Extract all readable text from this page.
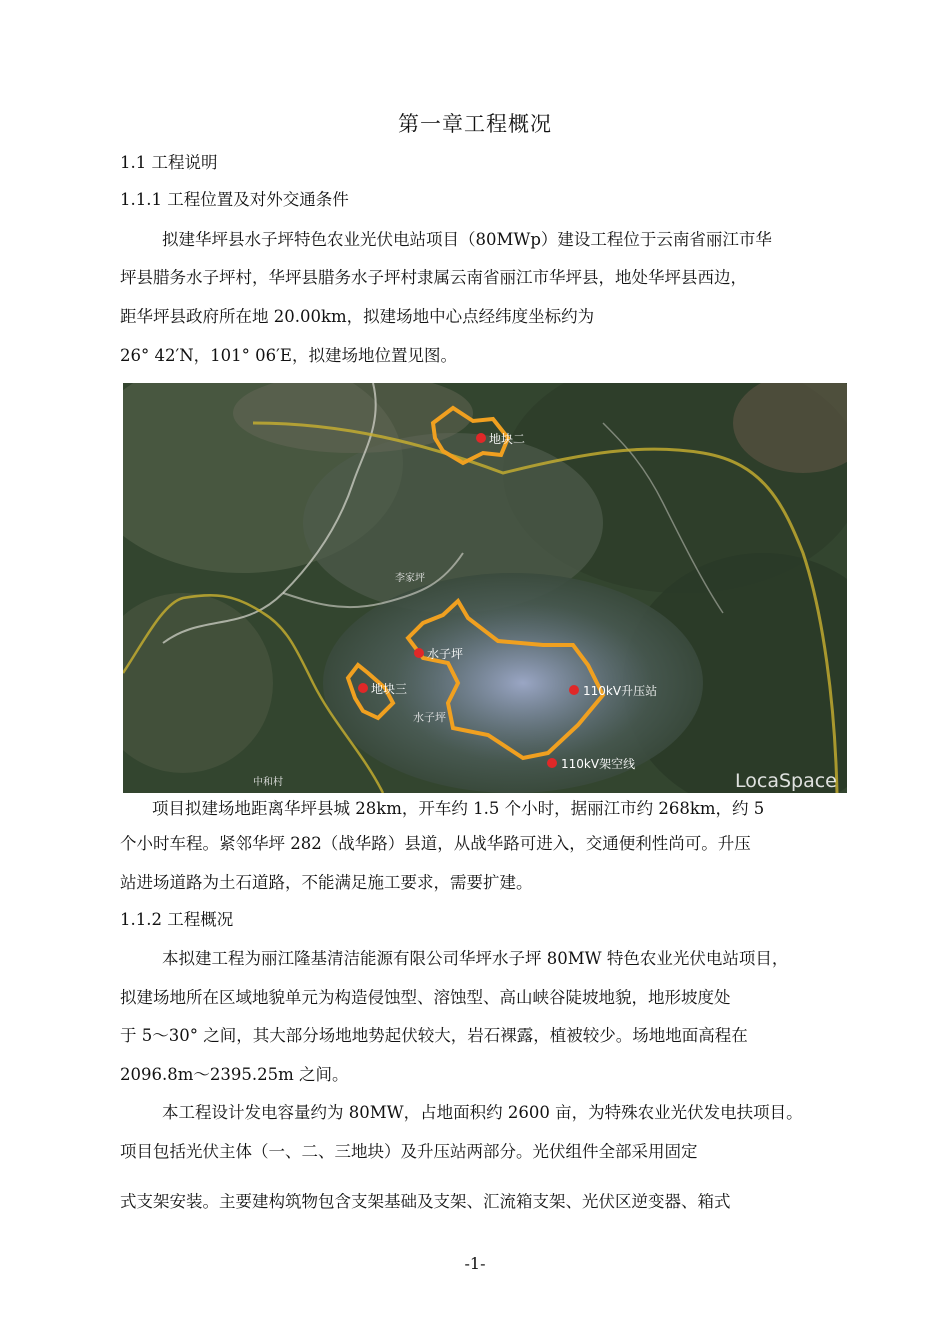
第一章工程概况
1.1 工程说明
1.1.1 工程位置及对外交通条件
拟建华坪县水子坪特色农业光伏电站项目（80MWp）建设工程位于云南省丽江市华
坪县腊务水子坪村，华坪县腊务水子坪村隶属云南省丽江市华坪县，地处华坪县西边，
距华坪县政府所在地 20.00km，拟建场地中心点经纬度坐标约为
26° 42′N，101° 06′E，拟建场地位置见图。
地块二
水子坪
地块三	110kV升压站
110kV架空线
水子坪
李家坪
中和村	LocaSpace
项目拟建场地距离华坪县城 28km，开车约 1.5 个小时，据丽江市约 268km，约 5
个小时车程。紧邻华坪 282（战华路）县道，从战华路可进入，交通便利性尚可。升压
站进场道路为土石道路，不能满足施工要求，需要扩建。
1.1.2 工程概况
本拟建工程为丽江隆基清洁能源有限公司华坪水子坪 80MW 特色农业光伏电站项目，
拟建场地所在区域地貌单元为构造侵蚀型、溶蚀型、高山峡谷陡坡地貌，地形坡度处
于 5～30° 之间，其大部分场地地势起伏较大，岩石裸露，植被较少。场地地面高程在
2096.8m～2395.25m 之间。
本工程设计发电容量约为 80MW，占地面积约 2600 亩，为特殊农业光伏发电扶项目。
项目包括光伏主体（一、二、三地块）及升压站两部分。光伏组件全部采用固定
式支架安装。主要建构筑物包含支架基础及支架、汇流箱支架、光伏区逆变器、箱式
-1-
